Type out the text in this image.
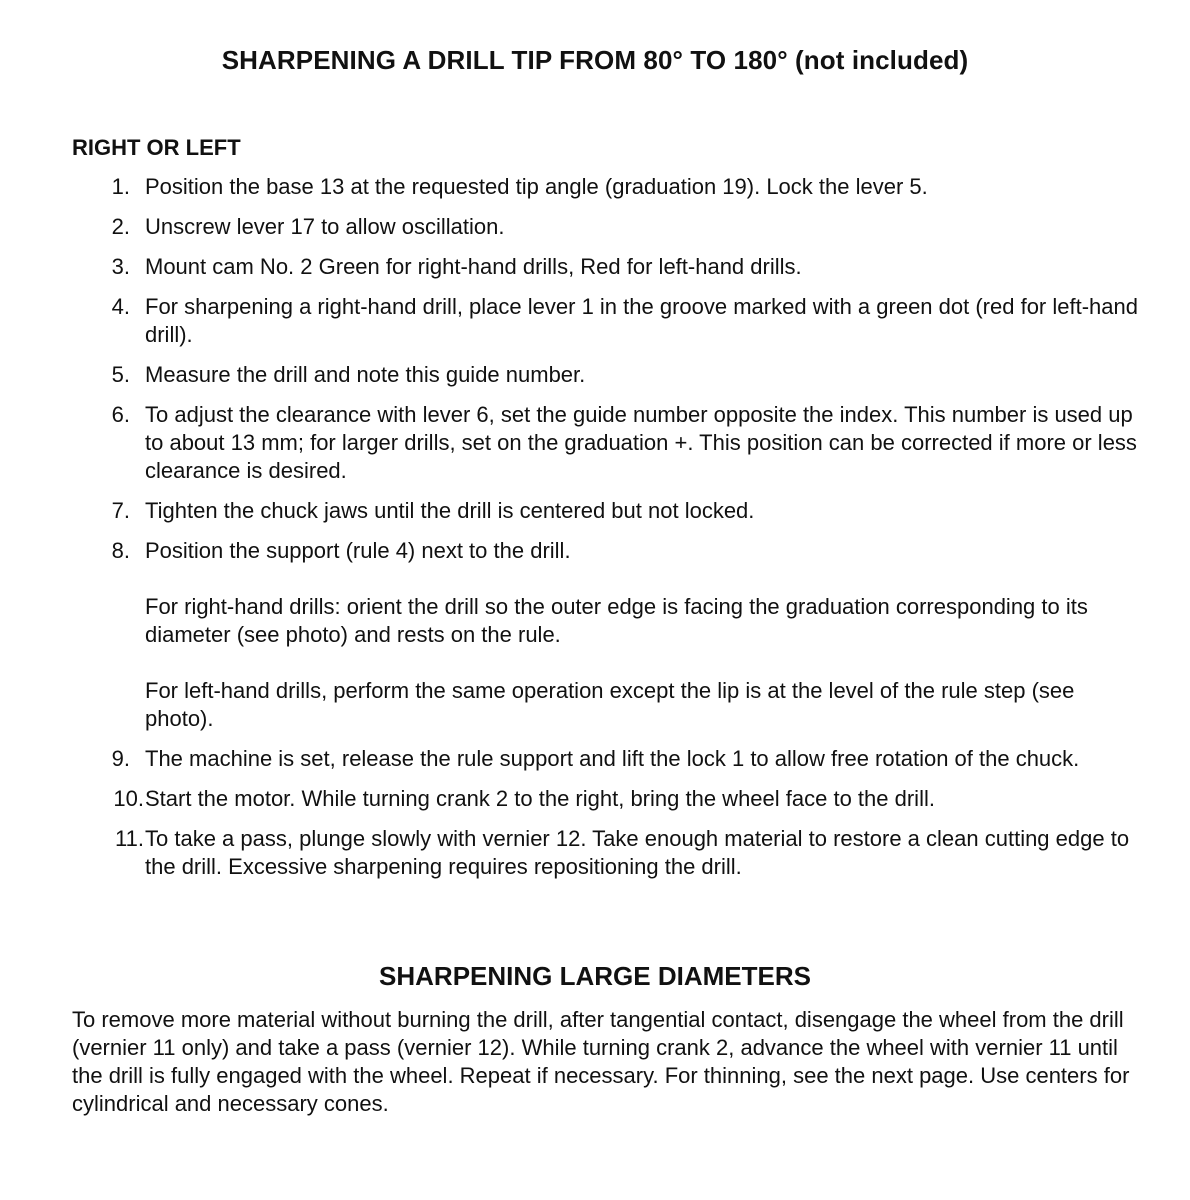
SHARPENING A DRILL TIP FROM 80° TO 180° (not included)
RIGHT OR LEFT
1. Position the base 13 at the requested tip angle (graduation 19). Lock the lever 5.
2. Unscrew lever 17 to allow oscillation.
3. Mount cam No. 2 Green for right-hand drills, Red for left-hand drills.
4. For sharpening a right-hand drill, place lever 1 in the groove marked with a green dot (red for left-hand drill).
5. Measure the drill and note this guide number.
6. To adjust the clearance with lever 6, set the guide number opposite the index. This number is used up to about 13 mm; for larger drills, set on the graduation +. This position can be corrected if more or less clearance is desired.
7. Tighten the chuck jaws until the drill is centered but not locked.
8. Position the support (rule 4) next to the drill.
For right-hand drills: orient the drill so the outer edge is facing the graduation corresponding to its diameter (see photo) and rests on the rule.
For left-hand drills, perform the same operation except the lip is at the level of the rule step (see photo).
9. The machine is set, release the rule support and lift the lock 1 to allow free rotation of the chuck.
10. Start the motor. While turning crank 2 to the right, bring the wheel face to the drill.
11. To take a pass, plunge slowly with vernier 12. Take enough material to restore a clean cutting edge to the drill. Excessive sharpening requires repositioning the drill.
SHARPENING LARGE DIAMETERS

To remove more material without burning the drill, after tangential contact, disengage the wheel from the drill (vernier 11 only) and take a pass (vernier 12). While turning crank 2, advance the wheel with vernier 11 until the drill is fully engaged with the wheel. Repeat if necessary. For thinning, see the next page. Use centers for cylindrical and necessary cones.
